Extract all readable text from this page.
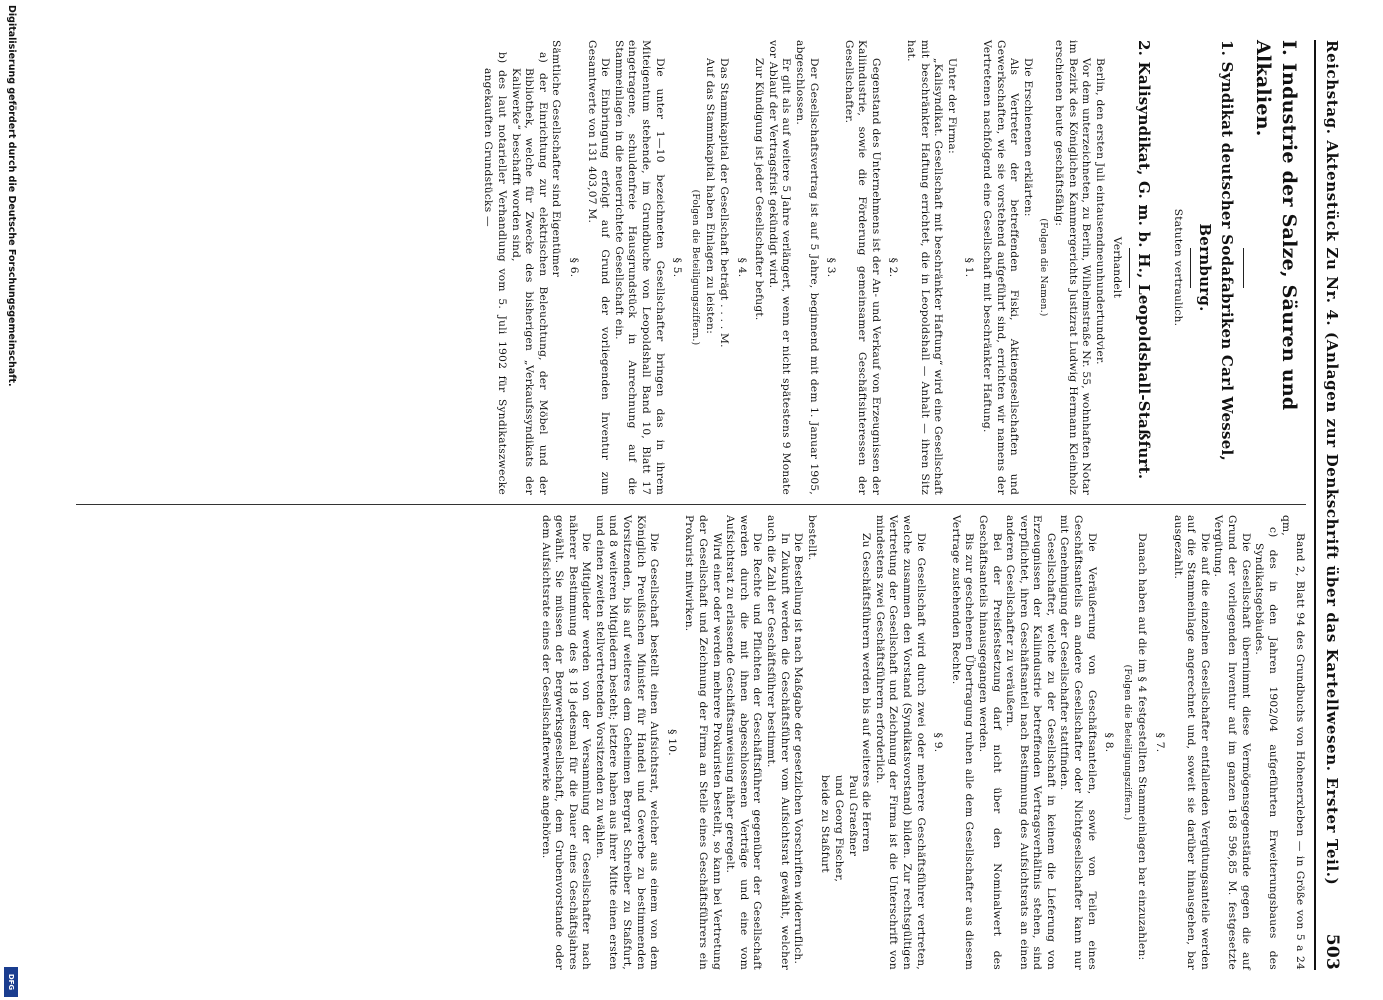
Digitalisierung gefördert durch die Deutsche Forschungsgemeinschaft.
DFG
Reichstag. Aktenstück Zu Nr. 4. (Anlagen zur Denkschrift über das Kartellwesen. Erster Teil.)
503
I. Industrie der Salze, Säuren und Alkalien.
1. Syndikat deutscher Sodafabriken Carl Wessel,
Bernburg.
Statuten vertraulich.
2. Kalisyndikat, G. m. b. H., Leopoldshall-Staßfurt.
Verhandelt

Berlin, den ersten Juli eintausendneunhundertundvier.

Vor dem unterzeichneten, zu Berlin, Wilhelmstraße Nr. 55, wohnhaften Notar im Bezirk des Königlichen Kammergerichts Justizrat Ludwig Hermann Kleinholz erschienen heute geschäftsfähig:

(Folgen die Namen.)

Die Erschienenen erklärten:

Als Vertreter der betreffenden Fiski, Aktiengesellschaften und Gewerkschaften, wie sie vorstehend aufgeführt sind, errichten wir namens der Vertretenen nachfolgend eine Gesellschaft mit beschränkter Haftung.

§ 1.

Unter der Firma:

„Kalisyndikat. Gesellschaft mit beschränkter Haftung“ wird eine Gesellschaft mit beschränkter Haftung errichtet, die in Leopoldshall — Anhalt — ihren Sitz hat.

§ 2.

Gegenstand des Unternehmens ist der An- und Verkauf von Erzeugnissen der Kaliindustrie, sowie die Förderung gemeinsamer Geschäftsinteressen der Gesellschafter.

§ 3.

Der Gesellschaftsvertrag ist auf 5 Jahre, beginnend mit dem 1. Januar 1905, abgeschlossen.

Er gilt als auf weitere 5 Jahre verlängert, wenn er nicht spätestens 9 Monate vor Ablauf der Vertragsfrist gekündigt wird.

Zur Kündigung ist jeder Gesellschafter befugt.

§ 4.

Das Stammkapital der Gesellschaft beträgt . . . . M.

Auf das Stammkapital haben Einlagen zu leisten:

(Folgen die Beteiligungsziffern.)
§ 5.

Die unter 1—10 bezeichneten Gesellschafter bringen das in ihrem Miteigentum stehende, im Grundbuche von Leopoldshall Band 10, Blatt 17 eingetragene, schuldenfreie Hausgrundstück in Anrechnung auf die Stammeinlagen in die neuerrichtete Gesellschaft ein.

Die Einbringung erfolgt auf Grund der vorliegenden Inventur zum Gesamtwerte von 131 403,07 M.

§ 6.

Sämtliche Gesellschafter sind Eigentümer

a) der Einrichtung zur elektrischen Beleuchtung, der Möbel und der Bibliothek, welche für Zwecke des bisherigen „Verkaufssyndikats der Kaliwerke“ beschafft worden sind,

b) des laut notarieller Verhandlung vom 5. Juli 1902 für Syndikatszwecke angekauften Grundstücks —

Band 2, Blatt 94 des Grundbuchs von Hohenerxleben — in Größe von 5 a 24 qm,

c) des in den Jahren 1902/04 aufgeführten Erweiterungsbaues des Syndikatsgebäudes.

Die Gesellschaft übernimmt diese Vermögensgegenstände gegen die auf Grund der vorliegenden Inventur auf im ganzen 168 596,85 M. festgesetzte Vergütung.

Die auf die einzelnen Gesellschafter entfallenden Vergütungsanteile werden auf die Stammeinlage angerechnet und, soweit sie darüber hinausgehen, bar ausgezahlt.

§ 7.

Danach haben auf die im § 4 festgestellten Stammeinlagen bar einzuzahlen:

(Folgen die Beteiligungsziffern.)
§ 8.

Die Veräußerung von Geschäftsanteilen, sowie von Teilen eines Geschäftsanteils an andere Gesellschafter oder Nichtgesellschafter kann nur mit Genehmigung der Gesellschafter stattfinden.

Gesellschafter, welche zu der Gesellschaft in keinem die Lieferung von Erzeugnissen der Kaliindustrie betreffenden Vertragsverhältnis stehen, sind verpflichtet, ihren Geschäftsanteil nach Bestimmung des Aufsichtsrats an einen anderen Gesellschafter zu veräußern.

Bei der Preisfestsetzung darf nicht über den Nominalwert des Geschäftsanteils hinausgegangen werden.

Bis zur geschehenen Übertragung ruhen alle dem Gesellschafter aus diesem Vertrage zustehenden Rechte.

§ 9.

Die Gesellschaft wird durch zwei oder mehrere Geschäftsführer vertreten, welche zusammen den Vorstand (Syndikatsvorstand) bilden. Zur rechtsgültigen Vertretung der Gesellschaft und Zeichnung der Firma ist die Unterschrift von mindestens zwei Geschäftsführern erforderlich.

Zu Geschäftsführern werden bis auf weiteres die Herren

Paul Graeßner

und Georg Fischer,

beide zu Staßfurt

bestellt.

Die Bestellung ist nach Maßgabe der gesetzlichen Vorschriften widerruflich.

In Zukunft werden die Geschäftsführer vom Aufsichtsrat gewählt, welcher auch die Zahl der Geschäftsführer bestimmt.

Die Rechte und Pflichten der Geschäftsführer gegenüber der Gesellschaft werden durch die mit ihnen abgeschlossenen Verträge und eine vom Aufsichtsrat zu erlassende Geschäftsanweisung näher geregelt.

Wird einer oder werden mehrere Prokuristen bestellt, so kann bei Vertretung der Gesellschaft und Zeichnung der Firma an Stelle eines Geschäftsführers ein Prokurist mitwirken.

§ 10.

Die Gesellschaft bestellt einen Aufsichtsrat, welcher aus einem von dem Königlich Preußischen Minister für Handel und Gewerbe zu bestimmenden Vorsitzenden, bis auf weiteres dem Geheimen Bergrat Schreiber zu Staßfurt, und 8 weiteren Mitgliedern besteht; letztere haben aus ihrer Mitte einen ersten und einen zweiten stellvertretenden Vorsitzenden zu wählen.

Die Mitglieder werden von der Versammlung der Gesellschafter nach näherer Bestimmung des § 18 jedesmal für die Dauer eines Geschäftsjahres gewählt. Sie müssen der Bergwerksgesellschaft, dem Grubenvorstande oder dem Aufsichtsrate eines der Gesellschafterwerke angehören.
